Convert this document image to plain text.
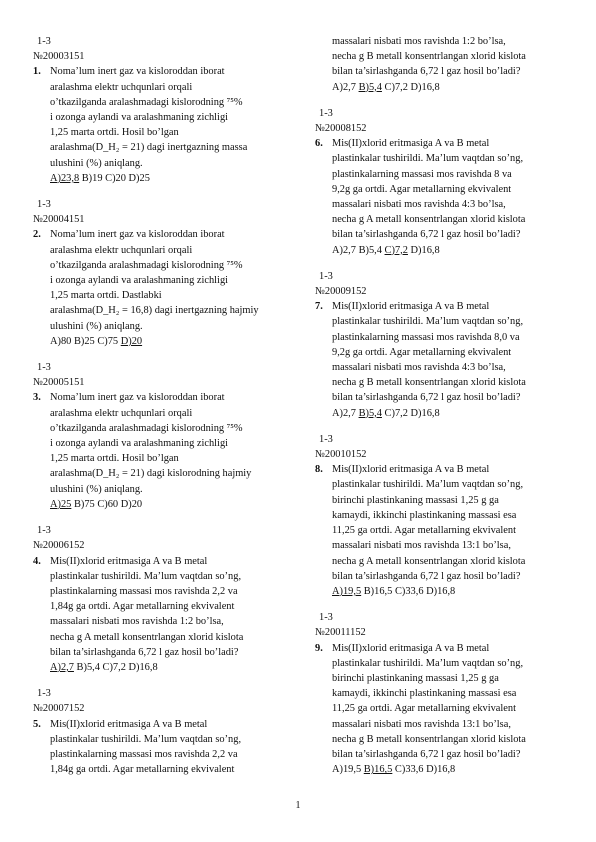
1-3
№20003151
1. Noma’lum inert gaz va kisloroddan iborat
aralashma elektr uchqunlari orqali
o’tkazilganda aralashmadagi kislorodning ⁷⁵%
i ozonga aylandi va aralashmaning zichligi
1,25 marta ortdi. Hosil bo’lgan
aralashma(D_H₂ = 21) dagi inertgazning massa
ulushini (%) aniqlang.
A)23,8 B)19 C)20 D)25
1-3
№20004151
2. Noma’lum inert gaz va kisloroddan iborat
aralashma elektr uchqunlari orqali
o’tkazilganda aralashmadagi kislorodning ⁷⁵%
i ozonga aylandi va aralashmaning zichligi
1,25 marta ortdi. Dastlabki
aralashma(D_H₂ = 16,8) dagi inertgazning hajmiy
ulushini (%) aniqlang.
A)80 B)25 C)75 D)20
1-3
№20005151
3. Noma’lum inert gaz va kisloroddan iborat
aralashma elektr uchqunlari orqali
o’tkazilganda aralashmadagi kislorodning ⁷⁵%
i ozonga aylandi va aralashmaning zichligi
1,25 marta ortdi. Hosil bo’lgan
aralashma(D_H₂ = 21) dagi kislorodning hajmiy
ulushini (%) aniqlang.
A)25 B)75 C)60 D)20
1-3
№20006152
4. Mis(II)xlorid eritmasiga A va B metal
plastinkalar tushirildi. Ma’lum vaqtdan so’ng,
plastinkalarning massasi mos ravishda 2,2 va
1,84g ga ortdi. Agar metallarning ekvivalent
massalari nisbati mos ravishda 1:2 bo’lsa,
necha g A metall konsentrlangan xlorid kislota
bilan ta’sirlashganda 6,72 l gaz hosil bo’ladi?
A)2,7 B)5,4 C)7,2 D)16,8
1-3
№20007152
5. Mis(II)xlorid eritmasiga A va B metal
plastinkalar tushirildi. Ma’lum vaqtdan so’ng,
plastinkalarning massasi mos ravishda 2,2 va
1,84g ga ortdi. Agar metallarning ekvivalent
massalari nisbati mos ravishda 1:2 bo’lsa,
necha g B metall konsentrlangan xlorid kislota
bilan ta’sirlashganda 6,72 l gaz hosil bo’ladi?
A)2,7 B)5,4 C)7,2 D)16,8
1-3
№20008152
6. Mis(II)xlorid eritmasiga A va B metal
plastinkalar tushirildi. Ma’lum vaqtdan so’ng,
plastinkalarning massasi mos ravishda 8 va
9,2g ga ortdi. Agar metallarning ekvivalent
massalari nisbati mos ravishda 4:3 bo’lsa,
necha g A metall konsentrlangan xlorid kislota
bilan ta’sirlashganda 6,72 l gaz hosil bo’ladi?
A)2,7 B)5,4 C)7,2 D)16,8
1-3
№20009152
7. Mis(II)xlorid eritmasiga A va B metal
plastinkalar tushirildi. Ma’lum vaqtdan so’ng,
plastinkalarning massasi mos ravishda 8,0 va
9,2g ga ortdi. Agar metallarning ekvivalent
massalari nisbati mos ravishda 4:3 bo’lsa,
necha g B metall konsentrlangan xlorid kislota
bilan ta’sirlashganda 6,72 l gaz hosil bo’ladi?
A)2,7 B)5,4 C)7,2 D)16,8
1-3
№20010152
8. Mis(II)xlorid eritmasiga A va B metal
plastinkalar tushirildi. Ma’lum vaqtdan so’ng,
birinchi plastinkaning massasi 1,25 g ga
kamaydi, ikkinchi plastinkaning massasi esa
11,25 ga ortdi. Agar metallarning ekvivalent
massalari nisbati mos ravishda 13:1 bo’lsa,
necha g A metall konsentrlangan xlorid kislota
bilan ta’sirlashganda 6,72 l gaz hosil bo’ladi?
A)19,5 B)16,5 C)33,6 D)16,8
1-3
№20011152
9. Mis(II)xlorid eritmasiga A va B metal
plastinkalar tushirildi. Ma’lum vaqtdan so’ng,
birinchi plastinkaning massasi 1,25 g ga
kamaydi, ikkinchi plastinkaning massasi esa
11,25 ga ortdi. Agar metallarning ekvivalent
massalari nisbati mos ravishda 13:1 bo’lsa,
necha g B metall konsentrlangan xlorid kislota
bilan ta’sirlashganda 6,72 l gaz hosil bo’ladi?
A)19,5 B)16,5 C)33,6 D)16,8
1
